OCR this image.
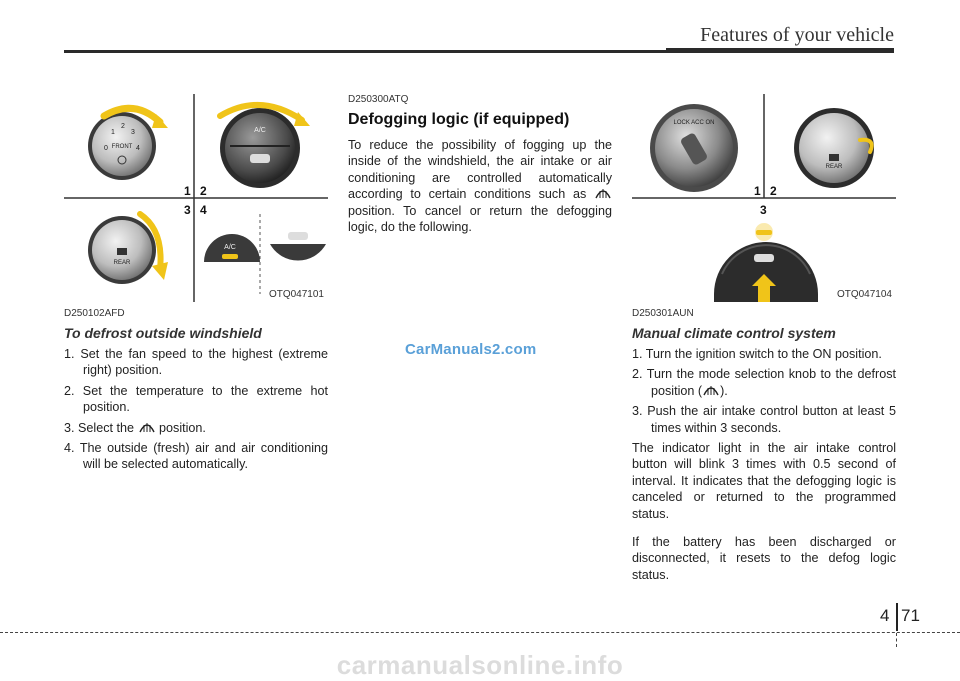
Features of your vehicle
FRONT
0
1
2
3
4
A/C
REAR
A/C
1 2
3 4
OTQ047101
D250102AFD
To defrost outside windshield
1. Set the fan speed to the highest (extreme right) position.
2. Set the temperature to the extreme hot position.
3. Select the  position.
4. The outside (fresh) air and air conditioning will be selected automatically.
D250300ATQ
Defogging logic (if equipped)

To reduce the possibility of fogging up the inside of the windshield, the air intake or air conditioning are controlled automatically according to certain conditions such as  position. To cancel or return the defogging logic, do the following.

LOCK ACC ON
REAR
1 2
3
OTQ047104
D250301AUN
Manual climate control system
1. Turn the ignition switch to the ON position.
2. Turn the mode selection knob to the defrost position ( ).
3. Push the air intake control button at least 5 times within 3 seconds.

The indicator light in the air intake control button will blink 3 times with 0.5 second of interval. It indicates that the defogging logic is canceled or returned to the programmed status.

If the battery has been discharged or disconnected, it resets to the defog logic status.

CarManuals2.com
4 71
carmanualsonline.info
